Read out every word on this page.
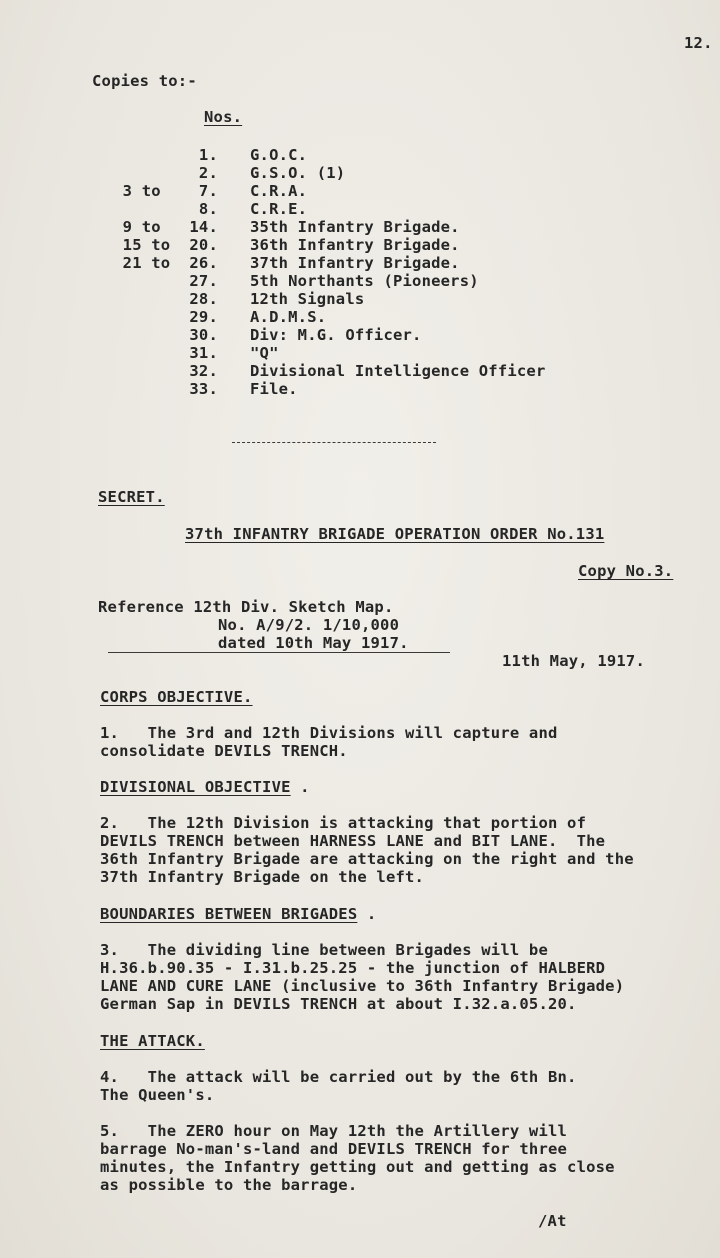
12.
Copies to:-
Nos.
1. G.O.C.
2. G.S.O. (1)
3 to    7. C.R.A.
8. C.R.E.
9 to   14. 35th Infantry Brigade.
15 to  20. 36th Infantry Brigade.
21 to  26. 37th Infantry Brigade.
27. 5th Northants (Pioneers)
28. 12th Signals
29. A.D.M.S.
30. Div: M.G. Officer.
31. "Q"
32. Divisional Intelligence Officer
33. File.
SECRET.
37th INFANTRY BRIGADE OPERATION ORDER No.131
Copy No.3.
Reference 12th Div. Sketch Map.
No. A/9/2. 1/10,000
dated 10th May 1917.
11th May, 1917.
CORPS OBJECTIVE.
1.   The 3rd and 12th Divisions will capture and
consolidate DEVILS TRENCH.
DIVISIONAL OBJECTIVE .
2.   The 12th Division is attacking that portion of
DEVILS TRENCH between HARNESS LANE and BIT LANE.  The
36th Infantry Brigade are attacking on the right and the
37th Infantry Brigade on the left.
BOUNDARIES BETWEEN BRIGADES .
3.   The dividing line between Brigades will be
H.36.b.90.35 - I.31.b.25.25 - the junction of HALBERD
LANE AND CURE LANE (inclusive to 36th Infantry Brigade)
German Sap in DEVILS TRENCH at about I.32.a.05.20.
THE ATTACK.
4.   The attack will be carried out by the 6th Bn.
The Queen's.
5.   The ZERO hour on May 12th the Artillery will
barrage No-man's-land and DEVILS TRENCH for three
minutes, the Infantry getting out and getting as close
as possible to the barrage.
/At
